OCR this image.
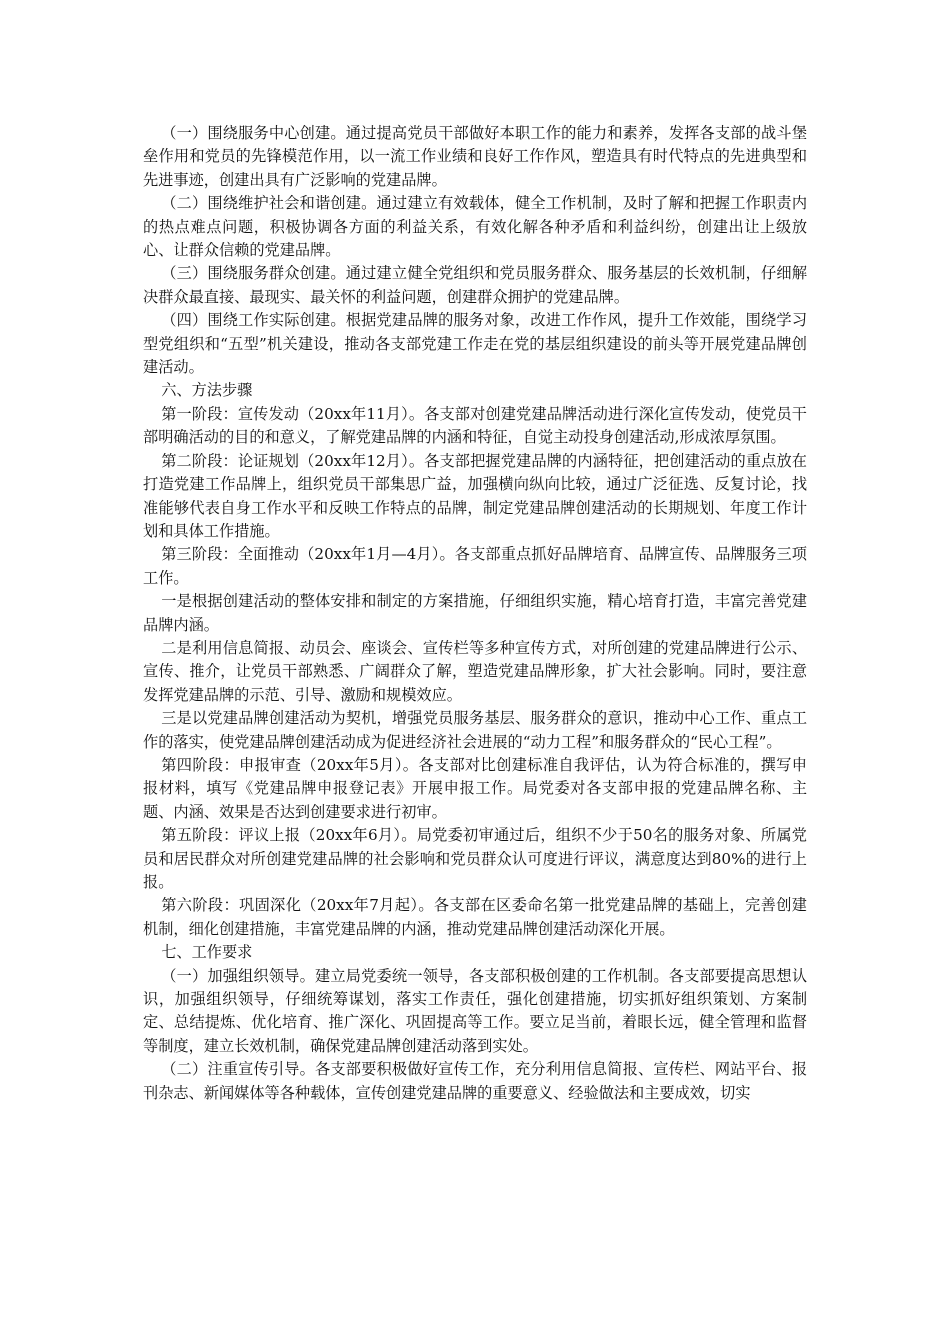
（一）围绕服务中心创建。通过提高党员干部做好本职工作的能力和素养，发挥各支部的战斗堡垒作用和党员的先锋模范作用，以一流工作业绩和良好工作作风，塑造具有时代特点的先进典型和先进事迹，创建出具有广泛影响的党建品牌。

（二）围绕维护社会和谐创建。通过建立有效载体，健全工作机制，及时了解和把握工作职责内的热点难点问题，积极协调各方面的利益关系，有效化解各种矛盾和利益纠纷，创建出让上级放心、让群众信赖的党建品牌。

（三）围绕服务群众创建。通过建立健全党组织和党员服务群众、服务基层的长效机制，仔细解决群众最直接、最现实、最关怀的利益问题，创建群众拥护的党建品牌。

（四）围绕工作实际创建。根据党建品牌的服务对象，改进工作作风，提升工作效能，围绕学习型党组织和“五型”机关建设，推动各支部党建工作走在党的基层组织建设的前头等开展党建品牌创建活动。

六、方法步骤

第一阶段：宣传发动（20xx年11月）。各支部对创建党建品牌活动进行深化宣传发动，使党员干部明确活动的目的和意义，了解党建品牌的内涵和特征，自觉主动投身创建活动,形成浓厚氛围。

第二阶段：论证规划（20xx年12月）。各支部把握党建品牌的内涵特征，把创建活动的重点放在打造党建工作品牌上，组织党员干部集思广益，加强横向纵向比较，通过广泛征选、反复讨论，找准能够代表自身工作水平和反映工作特点的品牌，制定党建品牌创建活动的长期规划、年度工作计划和具体工作措施。

第三阶段：全面推动（20xx年1月—4月）。各支部重点抓好品牌培育、品牌宣传、品牌服务三项工作。

一是根据创建活动的整体安排和制定的方案措施，仔细组织实施，精心培育打造，丰富完善党建品牌内涵。

二是利用信息简报、动员会、座谈会、宣传栏等多种宣传方式，对所创建的党建品牌进行公示、宣传、推介，让党员干部熟悉、广阔群众了解，塑造党建品牌形象，扩大社会影响。同时，要注意发挥党建品牌的示范、引导、激励和规模效应。

三是以党建品牌创建活动为契机，增强党员服务基层、服务群众的意识，推动中心工作、重点工作的落实，使党建品牌创建活动成为促进经济社会进展的“动力工程”和服务群众的“民心工程”。

第四阶段：申报审查（20xx年5月）。各支部对比创建标准自我评估，认为符合标准的，撰写申报材料，填写《党建品牌申报登记表》开展申报工作。局党委对各支部申报的党建品牌名称、主题、内涵、效果是否达到创建要求进行初审。

第五阶段：评议上报（20xx年6月）。局党委初审通过后，组织不少于50名的服务对象、所属党员和居民群众对所创建党建品牌的社会影响和党员群众认可度进行评议，满意度达到80%的进行上报。

第六阶段：巩固深化（20xx年7月起）。各支部在区委命名第一批党建品牌的基础上，完善创建机制，细化创建措施，丰富党建品牌的内涵，推动党建品牌创建活动深化开展。

七、工作要求

（一）加强组织领导。建立局党委统一领导，各支部积极创建的工作机制。各支部要提高思想认识，加强组织领导，仔细统筹谋划，落实工作责任，强化创建措施，切实抓好组织策划、方案制定、总结提炼、优化培育、推广深化、巩固提高等工作。要立足当前，着眼长远，健全管理和监督等制度，建立长效机制，确保党建品牌创建活动落到实处。

（二）注重宣传引导。各支部要积极做好宣传工作，充分利用信息简报、宣传栏、网站平台、报刊杂志、新闻媒体等各种载体，宣传创建党建品牌的重要意义、经验做法和主要成效，切实
